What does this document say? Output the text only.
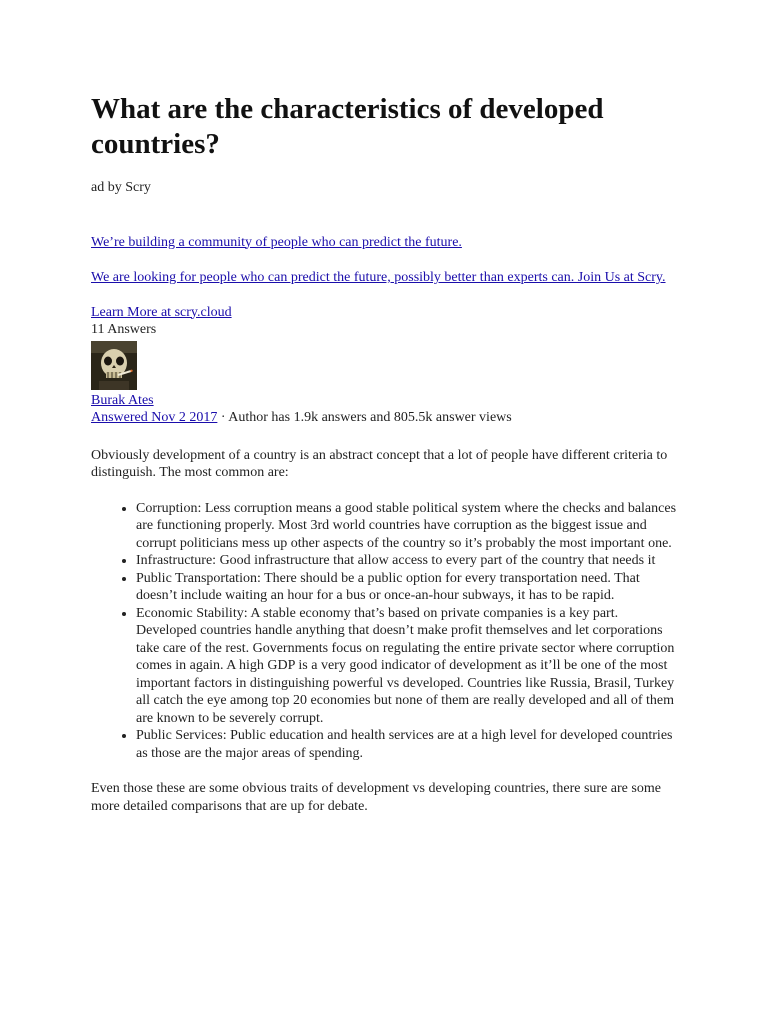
What are the characteristics of developed countries?
ad by Scry
We’re building a community of people who can predict the future.
We are looking for people who can predict the future, possibly better than experts can. Join Us at Scry.
Learn More at scry.cloud
11 Answers
Burak Ates
Answered Nov 2 2017 · Author has 1.9k answers and 805.5k answer views

Obviously development of a country is an abstract concept that a lot of people have different criteria to distinguish. The most common are:

• Corruption: Less corruption means a good stable political system where the checks and balances are functioning properly. Most 3rd world countries have corruption as the biggest issue and corrupt politicians mess up other aspects of the country so it’s probably the most important one.
• Infrastructure: Good infrastructure that allow access to every part of the country that needs it
• Public Transportation: There should be a public option for every transportation need. That doesn’t include waiting an hour for a bus or once-an-hour subways, it has to be rapid.
• Economic Stability: A stable economy that’s based on private companies is a key part. Developed countries handle anything that doesn’t make profit themselves and let corporations take care of the rest. Governments focus on regulating the entire private sector where corruption comes in again. A high GDP is a very good indicator of development as it’ll be one of the most important factors in distinguishing powerful vs developed. Countries like Russia, Brasil, Turkey all catch the eye among top 20 economies but none of them are really developed and all of them are known to be severely corrupt.
• Public Services: Public education and health services are at a high level for developed countries as those are the major areas of spending.

Even those these are some obvious traits of development vs developing countries, there sure are some more detailed comparisons that are up for debate.
